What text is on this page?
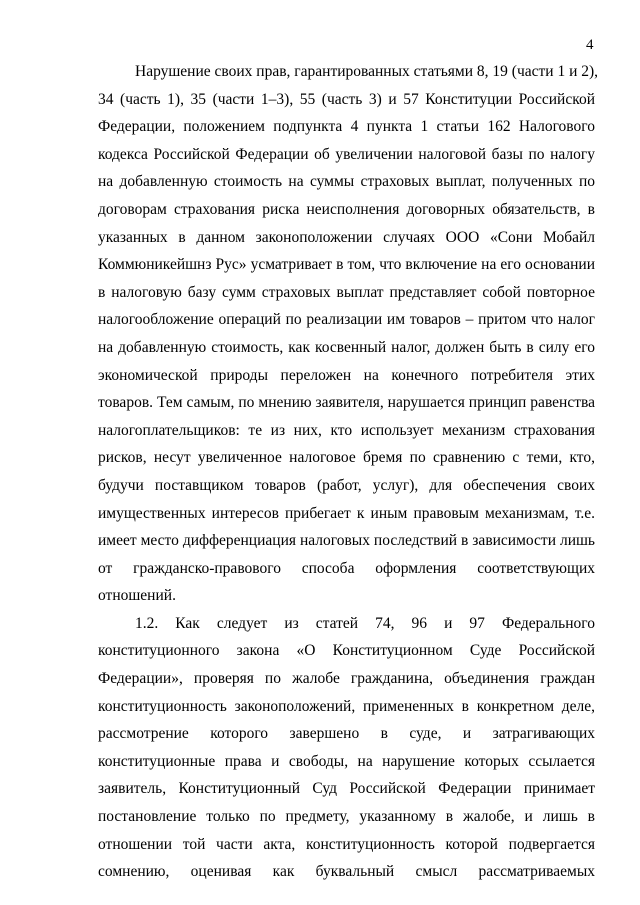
4
Нарушение своих прав, гарантированных статьями 8, 19 (части 1 и 2),
34 (часть 1), 35 (части 1–3), 55 (часть 3) и 57 Конституции Российской
Федерации, положением подпункта 4 пункта 1 статьи 162 Налогового
кодекса Российской Федерации об увеличении налоговой базы по налогу
на добавленную стоимость на суммы страховых выплат, полученных по
договорам страхования риска неисполнения договорных обязательств, в
указанных в данном законоположении случаях ООО «Сони Мобайл
Коммюникейшнз Рус» усматривает в том, что включение на его основании
в налоговую базу сумм страховых выплат представляет собой повторное
налогообложение операций по реализации им товаров – притом что налог
на добавленную стоимость, как косвенный налог, должен быть в силу его
экономической природы переложен на конечного потребителя этих
товаров. Тем самым, по мнению заявителя, нарушается принцип равенства
налогоплательщиков: те из них, кто использует механизм страхования
рисков, несут увеличенное налоговое бремя по сравнению с теми, кто,
будучи поставщиком товаров (работ, услуг), для обеспечения своих
имущественных интересов прибегает к иным правовым механизмам, т.е.
имеет место дифференциация налоговых последствий в зависимости лишь
от гражданско-правового способа оформления соответствующих
отношений.
1.2. Как следует из статей 74, 96 и 97 Федерального
конституционного закона «О Конституционном Суде Российской
Федерации», проверяя по жалобе гражданина, объединения граждан
конституционность законоположений, примененных в конкретном деле,
рассмотрение которого завершено в суде, и затрагивающих
конституционные права и свободы, на нарушение которых ссылается
заявитель, Конституционный Суд Российской Федерации принимает
постановление только по предмету, указанному в жалобе, и лишь в
отношении той части акта, конституционность которой подвергается
сомнению, оценивая как буквальный смысл рассматриваемых
